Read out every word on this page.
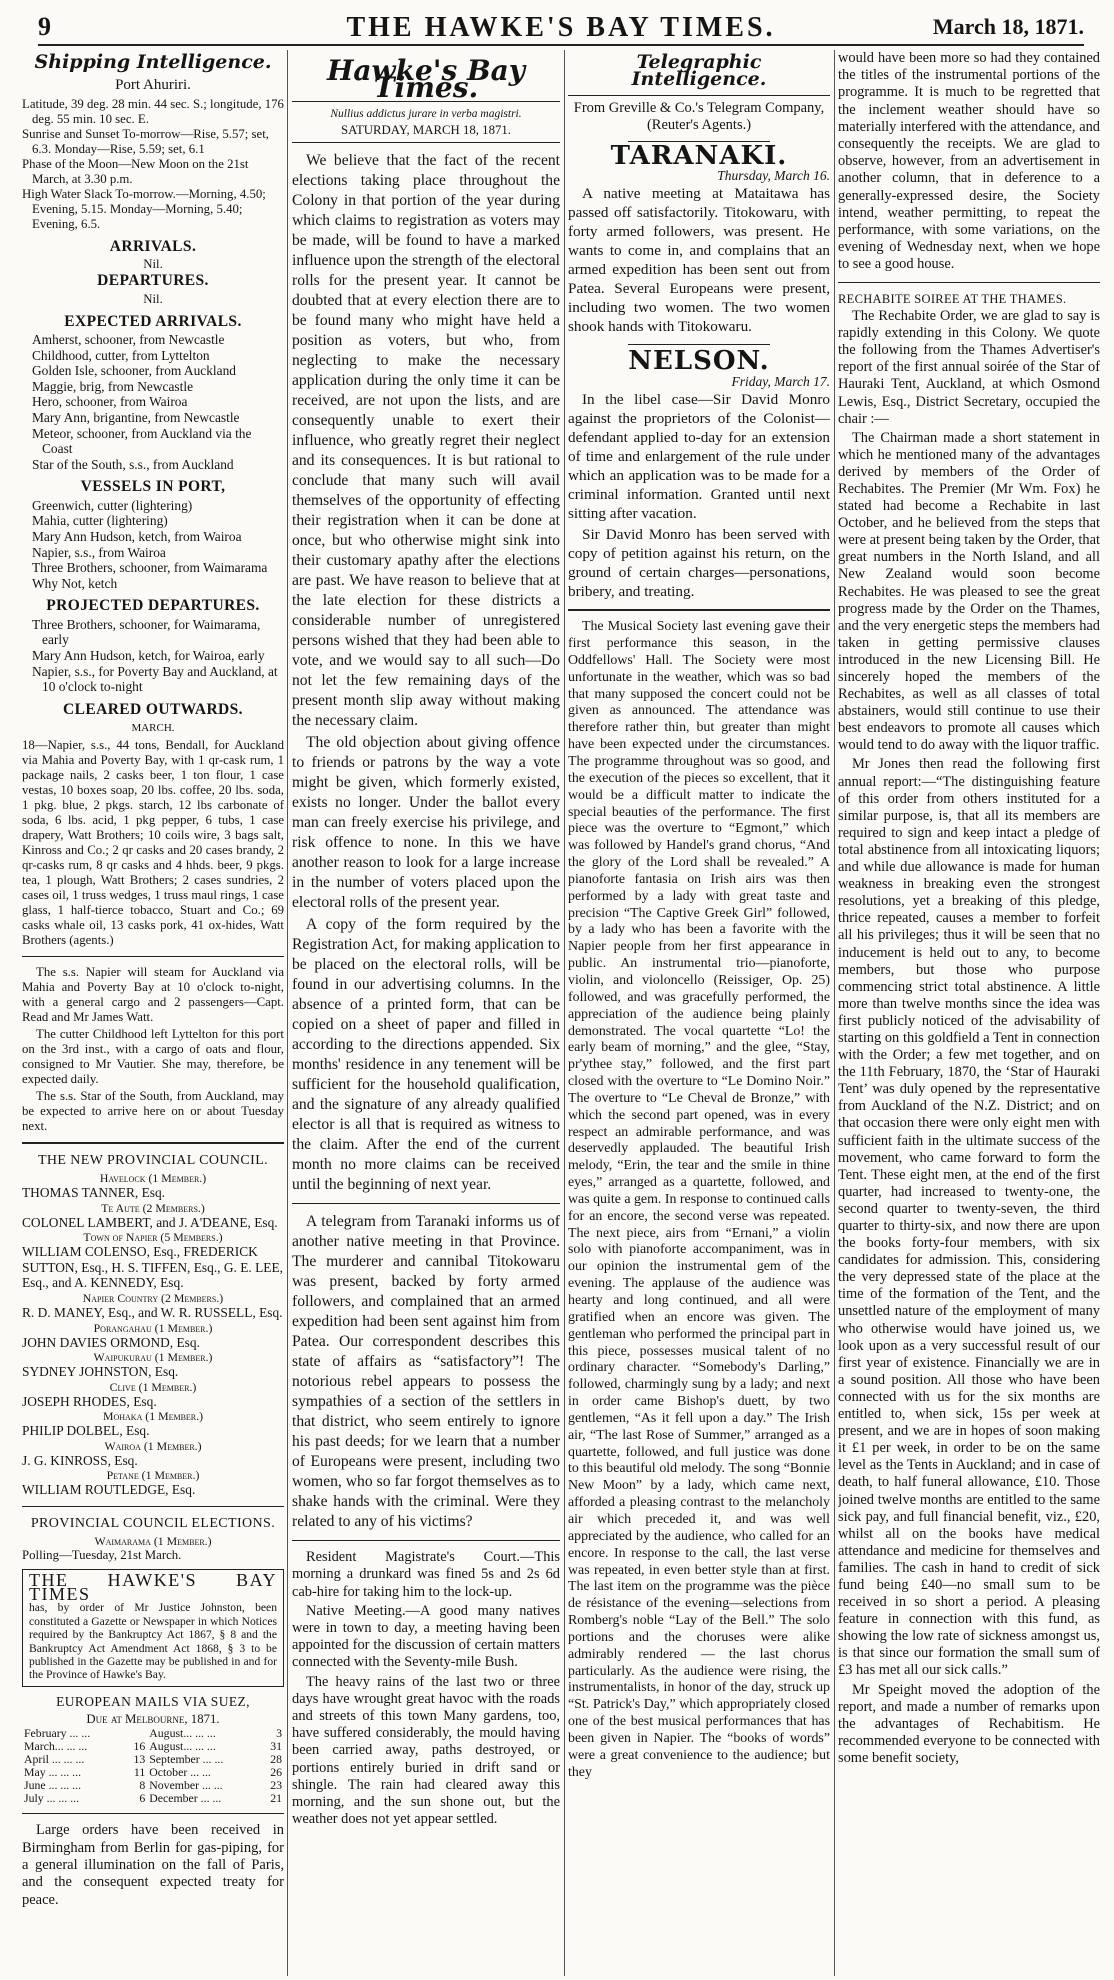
9	THE HAWKE'S BAY TIMES.	March 18, 1871.
Shipping Intelligence.
Port Ahuriri.
Latitude, 39 deg. 28 min. 44 sec. S.; longitude, 176 deg. 55 min. 10 sec. E.
Sunrise and Sunset To-morrow—Rise, 5.57; set, 6.3. Monday—Rise, 5.59; set, 6.1
Phase of the Moon—New Moon on the 21st March, at 3.30 p.m.
High Water Slack To-morrow.—Morning, 4.50; Evening, 5.15. Monday—Morning, 5.40; Evening, 6.5.
ARRIVALS.
Nil.
DEPARTURES.
Nil.
EXPECTED ARRIVALS.
Amherst, schooner, from Newcastle
Childhood, cutter, from Lyttelton
Golden Isle, schooner, from Auckland
Maggie, brig, from Newcastle
Hero, schooner, from Wairoa
Mary Ann, brigantine, from Newcastle
Meteor, schooner, from Auckland via the Coast
Star of the South, s.s., from Auckland
VESSELS IN PORT,
Greenwich, cutter (lightering)
Mahia, cutter (lightering)
Mary Ann Hudson, ketch, from Wairoa
Napier, s.s., from Wairoa
Three Brothers, schooner, from Waimarama
Why Not, ketch
PROJECTED DEPARTURES.
Three Brothers, schooner, for Waimarama, early
Mary Ann Hudson, ketch, for Wairoa, early
Napier, s.s., for Poverty Bay and Auckland, at 10 o'clock to-night
CLEARED OUTWARDS.
MARCH.

18—Napier, s.s., 44 tons, Bendall, for Auckland via Mahia and Poverty Bay, with 1 qr-cask rum, 1 package nails, 2 casks beer, 1 ton flour, 1 case vestas, 10 boxes soap, 20 lbs. coffee, 20 lbs. soda, 1 pkg. blue, 2 pkgs. starch, 12 lbs carbonate of soda, 6 lbs. acid, 1 pkg pepper, 6 tubs, 1 case drapery, Watt Brothers; 10 coils wire, 3 bags salt, Kinross and Co.; 2 qr casks and 20 cases brandy, 2 qr-casks rum, 8 qr casks and 4 hhds. beer, 9 pkgs. tea, 1 plough, Watt Brothers; 2 cases sundries, 2 cases oil, 1 truss wedges, 1 truss maul rings, 1 case glass, 1 half-tierce tobacco, Stuart and Co.; 69 casks whale oil, 13 casks pork, 41 ox-hides, Watt Brothers (agents.)

The s.s. Napier will steam for Auckland via Mahia and Poverty Bay at 10 o'clock to-night, with a general cargo and 2 passengers—Capt. Read and Mr James Watt.

The cutter Childhood left Lyttelton for this port on the 3rd inst., with a cargo of oats and flour, consigned to Mr Vautier. She may, therefore, be expected daily.

The s.s. Star of the South, from Auckland, may be expected to arrive here on or about Tuesday next.

THE NEW PROVINCIAL COUNCIL.
Havelock (1 Member.)
THOMAS TANNER, Esq.
Te Aute (2 Members.)
COLONEL LAMBERT, and J. A'DEANE, Esq.
Town of Napier (5 Members.)
WILLIAM COLENSO, Esq., FREDERICK SUTTON, Esq., H. S. TIFFEN, Esq., G. E. LEE, Esq., and A. KENNEDY, Esq.
Napier Country (2 Members.)
R. D. MANEY, Esq., and W. R. RUSSELL, Esq.
Porangahau (1 Member.)
JOHN DAVIES ORMOND, Esq.
Waipukurau (1 Member.)
SYDNEY JOHNSTON, Esq.
Clive (1 Member.)
JOSEPH RHODES, Esq.
Mohaka (1 Member.)
PHILIP DOLBEL, Esq.
Wairoa (1 Member.)
J. G. KINROSS, Esq.
Petane (1 Member.)
WILLIAM ROUTLEDGE, Esq.
PROVINCIAL COUNCIL ELECTIONS.
Waimarama (1 Member.)
Polling—Tuesday, 21st March.
THE HAWKE'S BAY TIMES
has, by order of Mr Justice Johnston, been constituted a Gazette or Newspaper in which Notices required by the Bankruptcy Act 1867, § 8 and the Bankruptcy Act Amendment Act 1868, § 3 to be published in the Gazette may be published in and for the Province of Hawke's Bay.
EUROPEAN MAILS VIA SUEZ,
Due at Melbourne, 1871.
February ... ...		August... ... ...	3
March... ... ...	16	August... ... ...	31
April ... ... ...	13	September ... ...	28
May ... ... ...	11	October ... ...	26
June ... ... ...	8	November ... ...	23
July ... ... ...	6	December ... ...	21

Large orders have been received in Birmingham from Berlin for gas-piping, for a general illumination on the fall of Paris, and the consequent expected treaty for peace.

Hawke's Bay Times.
Nullius addictus jurare in verba magistri.
SATURDAY, MARCH 18, 1871.

We believe that the fact of the recent elections taking place throughout the Colony in that portion of the year during which claims to registration as voters may be made, will be found to have a marked influence upon the strength of the electoral rolls for the present year. It cannot be doubted that at every election there are to be found many who might have held a position as voters, but who, from neglecting to make the necessary application during the only time it can be received, are not upon the lists, and are consequently unable to exert their influence, who greatly regret their neglect and its consequences. It is but rational to conclude that many such will avail themselves of the opportunity of effecting their registration when it can be done at once, but who otherwise might sink into their customary apathy after the elections are past. We have reason to believe that at the late election for these districts a considerable number of unregistered persons wished that they had been able to vote, and we would say to all such—Do not let the few remaining days of the present month slip away without making the necessary claim.

The old objection about giving offence to friends or patrons by the way a vote might be given, which formerly existed, exists no longer. Under the ballot every man can freely exercise his privilege, and risk offence to none. In this we have another reason to look for a large increase in the number of voters placed upon the electoral rolls of the present year.

A copy of the form required by the Registration Act, for making application to be placed on the electoral rolls, will be found in our advertising columns. In the absence of a printed form, that can be copied on a sheet of paper and filled in according to the directions appended. Six months' residence in any tenement will be sufficient for the household qualification, and the signature of any already qualified elector is all that is required as witness to the claim. After the end of the current month no more claims can be received until the beginning of next year.

A telegram from Taranaki informs us of another native meeting in that Province. The murderer and cannibal Titokowaru was present, backed by forty armed followers, and complained that an armed expedition had been sent against him from Patea. Our correspondent describes this state of affairs as “satisfactory”! The notorious rebel appears to possess the sympathies of a section of the settlers in that district, who seem entirely to ignore his past deeds; for we learn that a number of Europeans were present, including two women, who so far forgot themselves as to shake hands with the criminal. Were they related to any of his victims?

Resident Magistrate's Court.—This morning a drunkard was fined 5s and 2s 6d cab-hire for taking him to the lock-up.

Native Meeting.—A good many natives were in town to day, a meeting having been appointed for the discussion of certain matters connected with the Seventy-mile Bush.

The heavy rains of the last two or three days have wrought great havoc with the roads and streets of this town Many gardens, too, have suffered considerably, the mould having been carried away, paths destroyed, or portions entirely buried in drift sand or shingle. The rain had cleared away this morning, and the sun shone out, but the weather does not yet appear settled.

Telegraphic Intelligence.
From Greville & Co.'s Telegram Company, (Reuter's Agents.)
TARANAKI.
Thursday, March 16.

A native meeting at Mataitawa has passed off satisfactorily. Titokowaru, with forty armed followers, was present. He wants to come in, and complains that an armed expedition has been sent out from Patea. Several Europeans were present, including two women. The two women shook hands with Titokowaru.

NELSON.
Friday, March 17.

In the libel case—Sir David Monro against the proprietors of the Colonist—defendant applied to-day for an extension of time and enlargement of the rule under which an application was to be made for a criminal information. Granted until next sitting after vacation.

Sir David Monro has been served with copy of petition against his return, on the ground of certain charges—personations, bribery, and treating.

The Musical Society last evening gave their first performance this season, in the Oddfellows' Hall. The Society were most unfortunate in the weather, which was so bad that many supposed the concert could not be given as announced. The attendance was therefore rather thin, but greater than might have been expected under the circumstances. The programme throughout was so good, and the execution of the pieces so excellent, that it would be a difficult matter to indicate the special beauties of the performance. The first piece was the overture to “Egmont,” which was followed by Handel's grand chorus, “And the glory of the Lord shall be revealed.” A pianoforte fantasia on Irish airs was then performed by a lady with great taste and precision “The Captive Greek Girl” followed, by a lady who has been a favorite with the Napier people from her first appearance in public. An instrumental trio—pianoforte, violin, and violoncello (Reissiger, Op. 25) followed, and was gracefully performed, the appreciation of the audience being plainly demonstrated. The vocal quartette “Lo! the early beam of morning,” and the glee, “Stay, pr'ythee stay,” followed, and the first part closed with the overture to “Le Domino Noir.” The overture to “Le Cheval de Bronze,” with which the second part opened, was in every respect an admirable performance, and was deservedly applauded. The beautiful Irish melody, “Erin, the tear and the smile in thine eyes,” arranged as a quartette, followed, and was quite a gem. In response to continued calls for an encore, the second verse was repeated. The next piece, airs from “Ernani,” a violin solo with pianoforte accompaniment, was in our opinion the instrumental gem of the evening. The applause of the audience was hearty and long continued, and all were gratified when an encore was given. The gentleman who performed the principal part in this piece, possesses musical talent of no ordinary character. “Somebody's Darling,” followed, charmingly sung by a lady; and next in order came Bishop's duett, by two gentlemen, “As it fell upon a day.” The Irish air, “The last Rose of Summer,” arranged as a quartette, followed, and full justice was done to this beautiful old melody. The song “Bonnie New Moon” by a lady, which came next, afforded a pleasing contrast to the melancholy air which preceded it, and was well appreciated by the audience, who called for an encore. In response to the call, the last verse was repeated, in even better style than at first. The last item on the programme was the pièce de résistance of the evening—selections from Romberg's noble “Lay of the Bell.” The solo portions and the choruses were alike admirably rendered — the last chorus particularly. As the audience were rising, the instrumentalists, in honor of the day, struck up “St. Patrick's Day,” which appropriately closed one of the best musical performances that has been given in Napier. The “books of words” were a great convenience to the audience; but they

would have been more so had they contained the titles of the instrumental portions of the programme. It is much to be regretted that the inclement weather should have so materially interfered with the attendance, and consequently the receipts. We are glad to observe, however, from an advertisement in another column, that in deference to a generally-expressed desire, the Society intend, weather permitting, to repeat the performance, with some variations, on the evening of Wednesday next, when we hope to see a good house.

RECHABITE SOIREE AT THE THAMES.

The Rechabite Order, we are glad to say is rapidly extending in this Colony. We quote the following from the Thames Advertiser's report of the first annual soirée of the Star of Hauraki Tent, Auckland, at which Osmond Lewis, Esq., District Secretary, occupied the chair :—

The Chairman made a short statement in which he mentioned many of the advantages derived by members of the Order of Rechabites. The Premier (Mr Wm. Fox) he stated had become a Rechabite in last October, and he believed from the steps that were at present being taken by the Order, that great numbers in the North Island, and all New Zealand would soon become Rechabites. He was pleased to see the great progress made by the Order on the Thames, and the very energetic steps the members had taken in getting permissive clauses introduced in the new Licensing Bill. He sincerely hoped the members of the Rechabites, as well as all classes of total abstainers, would still continue to use their best endeavors to promote all causes which would tend to do away with the liquor traffic.

Mr Jones then read the following first annual report:—“The distinguishing feature of this order from others instituted for a similar purpose, is, that all its members are required to sign and keep intact a pledge of total abstinence from all intoxicating liquors; and while due allowance is made for human weakness in breaking even the strongest resolutions, yet a breaking of this pledge, thrice repeated, causes a member to forfeit all his privileges; thus it will be seen that no inducement is held out to any, to become members, but those who purpose commencing strict total abstinence. A little more than twelve months since the idea was first publicly noticed of the advisability of starting on this goldfield a Tent in connection with the Order; a few met together, and on the 11th February, 1870, the ‘Star of Hauraki Tent’ was duly opened by the representative from Auckland of the N.Z. District; and on that occasion there were only eight men with sufficient faith in the ultimate success of the movement, who came forward to form the Tent. These eight men, at the end of the first quarter, had increased to twenty-one, the second quarter to twenty-seven, the third quarter to thirty-six, and now there are upon the books forty-four members, with six candidates for admission. This, considering the very depressed state of the place at the time of the formation of the Tent, and the unsettled nature of the employment of many who otherwise would have joined us, we look upon as a very successful result of our first year of existence. Financially we are in a sound position. All those who have been connected with us for the six months are entitled to, when sick, 15s per week at present, and we are in hopes of soon making it £1 per week, in order to be on the same level as the Tents in Auckland; and in case of death, to half funeral allowance, £10. Those joined twelve months are entitled to the same sick pay, and full financial benefit, viz., £20, whilst all on the books have medical attendance and medicine for themselves and families. The cash in hand to credit of sick fund being £40—no small sum to be received in so short a period. A pleasing feature in connection with this fund, as showing the low rate of sickness amongst us, is that since our formation the small sum of £3 has met all our sick calls.”

Mr Speight moved the adoption of the report, and made a number of remarks upon the advantages of Rechabitism. He recommended everyone to be connected with some benefit society,
